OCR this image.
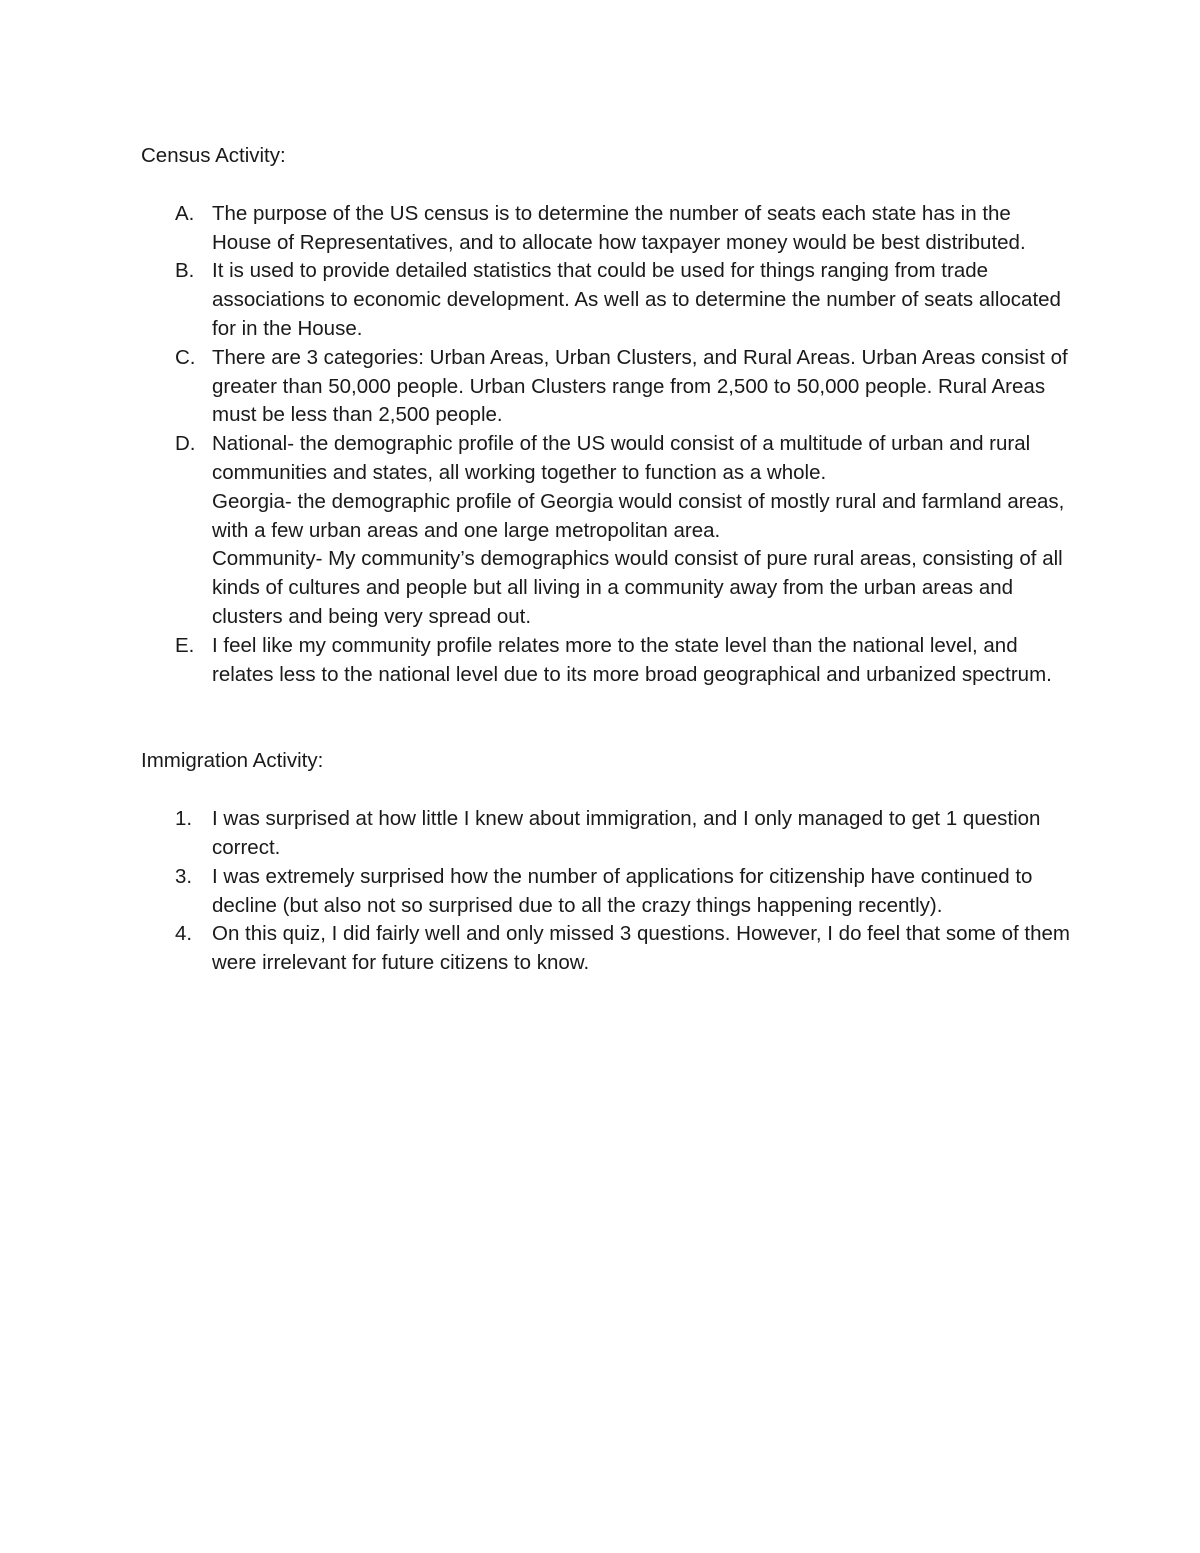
Census Activity:
A. The purpose of the US census is to determine the number of seats each state has in the House of Representatives, and to allocate how taxpayer money would be best distributed.
B. It is used to provide detailed statistics that could be used for things ranging from trade associations to economic development. As well as to determine the number of seats allocated for in the House.
C. There are 3 categories: Urban Areas, Urban Clusters, and Rural Areas. Urban Areas consist of greater than 50,000 people. Urban Clusters range from 2,500 to 50,000 people. Rural Areas must be less than 2,500 people.
D. National- the demographic profile of the US would consist of a multitude of urban and rural communities and states, all working together to function as a whole.
Georgia- the demographic profile of Georgia would consist of mostly rural and farmland areas, with a few urban areas and one large metropolitan area.
Community- My community’s demographics would consist of pure rural areas, consisting of all kinds of cultures and people but all living in a community away from the urban areas and clusters and being very spread out.
E. I feel like my community profile relates more to the state level than the national level, and relates less to the national level due to its more broad geographical and urbanized spectrum.
Immigration Activity:
1. I was surprised at how little I knew about immigration, and I only managed to get 1 question correct.
3. I was extremely surprised how the number of applications for citizenship have continued to decline (but also not so surprised due to all the crazy things happening recently).
4. On this quiz, I did fairly well and only missed 3 questions. However, I do feel that some of them were irrelevant for future citizens to know.
